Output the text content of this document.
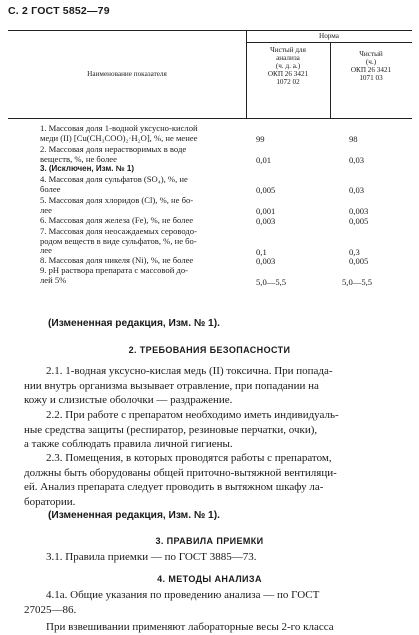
С. 2 ГОСТ 5852—79
Наименование показателя
Норма
Чистый для
анализа
(ч. д. а.)
ОКП 26 3421
1072 02
Чистый
(ч.)
ОКП 26 3421
1071 03
1. Массовая доля 1-водной уксусно-кислой
меди (II) [Cu(CH₃COO)₂·H₂O], %, не менее	99	98
2. Массовая доля нерастворимых в воде
веществ, %, не более	0,01	0,03
3. (Исключен, Изм. № 1)
4. Массовая доля сульфатов (SO₄), %, не
более	0,005	0,03
5. Массовая доля хлоридов (Cl), %, не бо-
лее	0,001	0,003
6. Массовая доля железа (Fe), %, не более	0,003	0,005
7. Массовая доля неосаждаемых сероводо-
родом веществ в виде сульфатов, %, не бо-
лее	0,1	0,3
8. Массовая доля никеля (Ni), %, не более	0,003	0,005
9. pH раствора препарата с массовой до-
лей 5%	5,0—5,5	5,0—5,5
(Измененная редакция, Изм. № 1).
2. ТРЕБОВАНИЯ БЕЗОПАСНОСТИ
2.1. 1-водная уксусно-кислая медь (II) токсична. При попада-
нии внутрь организма вызывает отравление, при попадании на
кожу и слизистые оболочки — раздражение.
2.2. При работе с препаратом необходимо иметь индивидуаль-
ные средства защиты (респиратор, резиновые перчатки, очки),
а также соблюдать правила личной гигиены.
2.3. Помещения, в которых проводятся работы с препаратом,
должны быть оборудованы общей приточно-вытяжной вентиляци-
ей. Анализ препарата следует проводить в вытяжном шкафу ла-
боратории.
(Измененная редакция, Изм. № 1).
3. ПРАВИЛА ПРИЕМКИ
3.1. Правила приемки — по ГОСТ 3885—73.
4. МЕТОДЫ АНАЛИЗА
4.1а. Общие указания по проведению анализа — по ГОСТ
27025—86.
При взвешивании применяют лабораторные весы 2-го класса
